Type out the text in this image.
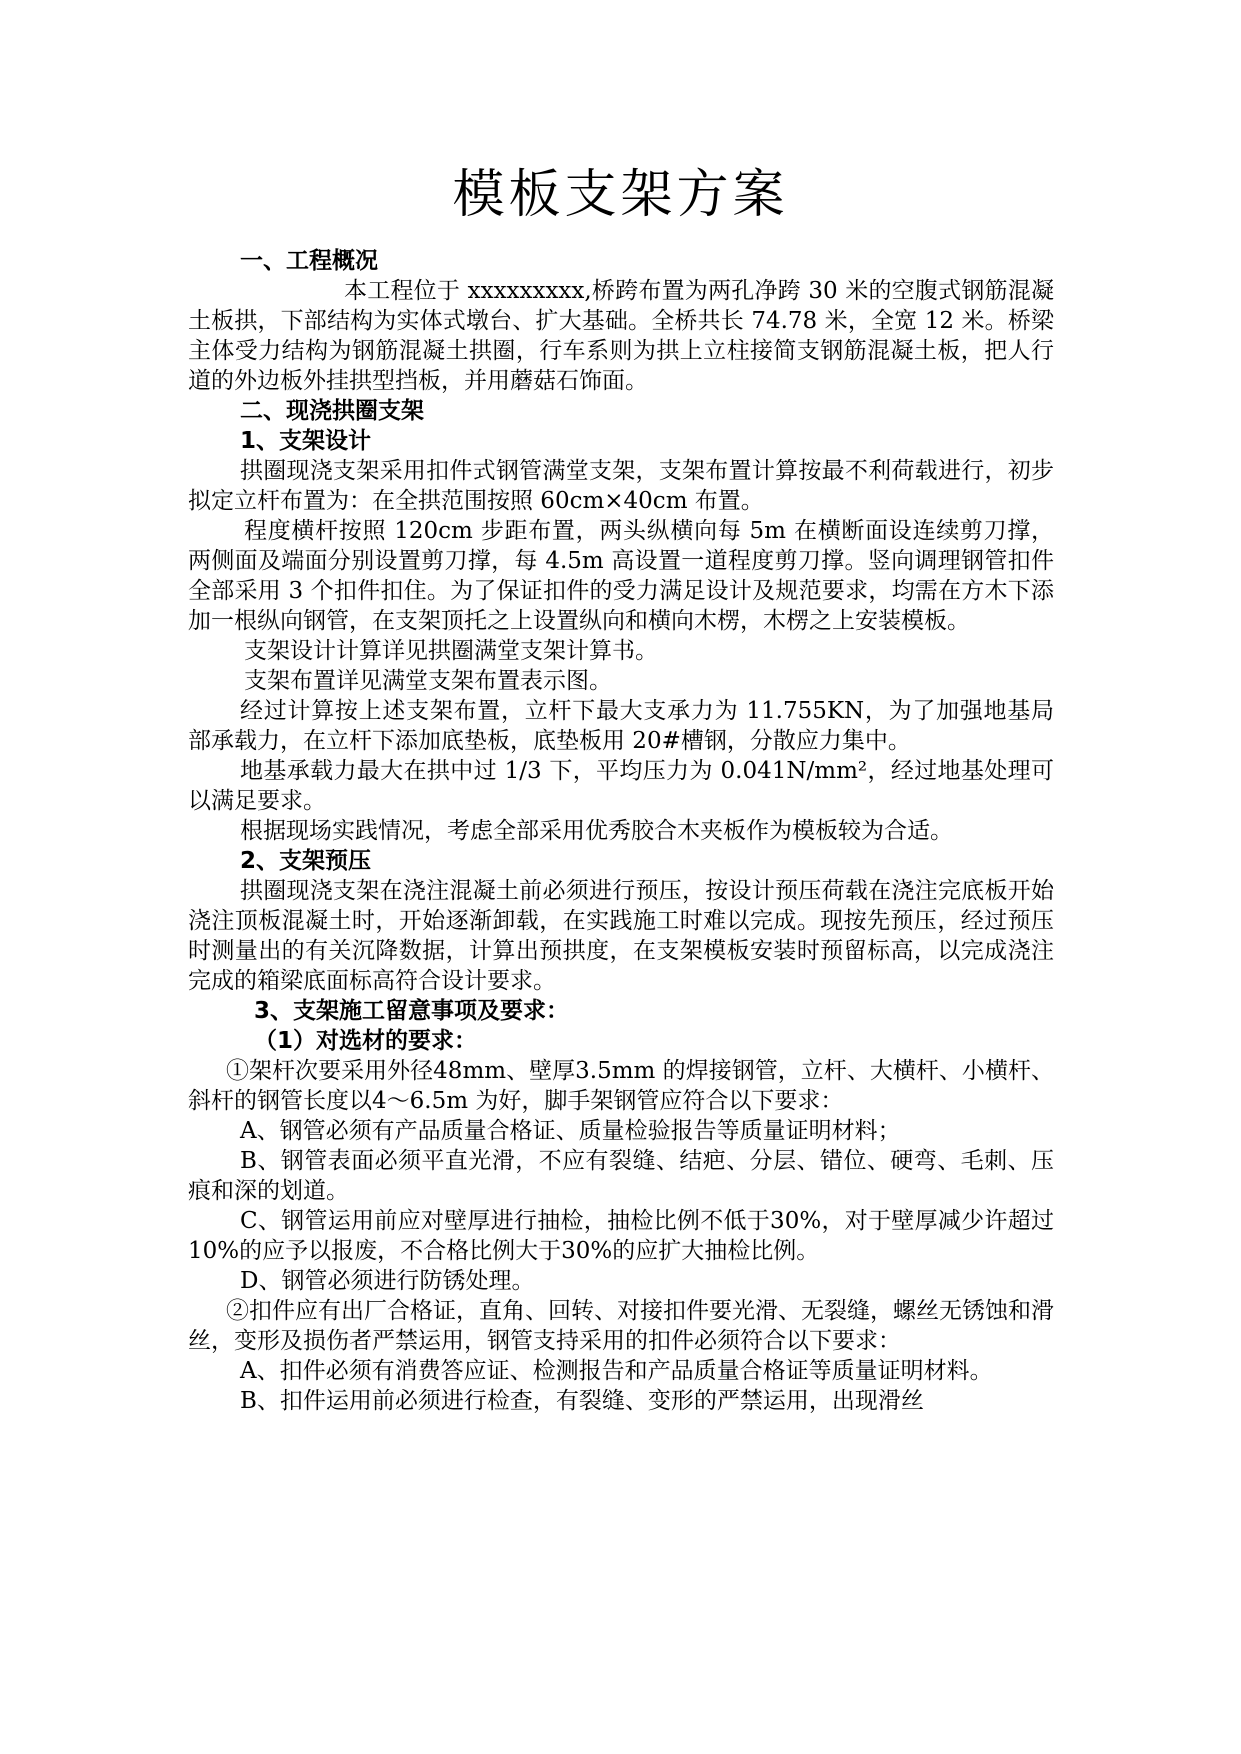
模板支架方案

一、工程概况

本工程位于 xxxxxxxxx,桥跨布置为两孔净跨 30 米的空腹式钢筋混凝土板拱，下部结构为实体式墩台、扩大基础。全桥共长 74.78 米，全宽 12 米。桥梁主体受力结构为钢筋混凝土拱圈，行车系则为拱上立柱接简支钢筋混凝土板，把人行道的外边板外挂拱型挡板，并用蘑菇石饰面。

二、现浇拱圈支架

1、支架设计

拱圈现浇支架采用扣件式钢管满堂支架，支架布置计算按最不利荷载进行，初步拟定立杆布置为：在全拱范围按照 60cm×40cm 布置。

程度横杆按照 120cm 步距布置，两头纵横向每 5m 在横断面设连续剪刀撑，两侧面及端面分别设置剪刀撑，每 4.5m 高设置一道程度剪刀撑。竖向调理钢管扣件全部采用 3 个扣件扣住。为了保证扣件的受力满足设计及规范要求，均需在方木下添加一根纵向钢管，在支架顶托之上设置纵向和横向木楞，木楞之上安装模板。

支架设计计算详见拱圈满堂支架计算书。

支架布置详见满堂支架布置表示图。

经过计算按上述支架布置，立杆下最大支承力为 11.755KN，为了加强地基局部承载力，在立杆下添加底垫板，底垫板用 20#槽钢，分散应力集中。

地基承载力最大在拱中过 1/3 下，平均压力为 0.041N/mm²，经过地基处理可以满足要求。

根据现场实践情况，考虑全部采用优秀胶合木夹板作为模板较为合适。

2、支架预压

拱圈现浇支架在浇注混凝土前必须进行预压，按设计预压荷载在浇注完底板开始浇注顶板混凝土时，开始逐渐卸载，在实践施工时难以完成。现按先预压，经过预压时测量出的有关沉降数据，计算出预拱度，在支架模板安装时预留标高，以完成浇注完成的箱梁底面标高符合设计要求。

3、支架施工留意事项及要求：

（1）对选材的要求：

①架杆次要采用外径48mm、壁厚3.5mm 的焊接钢管，立杆、大横杆、小横杆、斜杆的钢管长度以4～6.5m 为好，脚手架钢管应符合以下要求：

A、钢管必须有产品质量合格证、质量检验报告等质量证明材料；

B、钢管表面必须平直光滑，不应有裂缝、结疤、分层、错位、硬弯、毛刺、压痕和深的划道。

C、钢管运用前应对壁厚进行抽检，抽检比例不低于30%，对于壁厚减少许超过10%的应予以报废，不合格比例大于30%的应扩大抽检比例。

D、钢管必须进行防锈处理。

②扣件应有出厂合格证，直角、回转、对接扣件要光滑、无裂缝，螺丝无锈蚀和滑丝，变形及损伤者严禁运用，钢管支持采用的扣件必须符合以下要求：

A、扣件必须有消费答应证、检测报告和产品质量合格证等质量证明材料。

B、扣件运用前必须进行检查，有裂缝、变形的严禁运用，出现滑丝
